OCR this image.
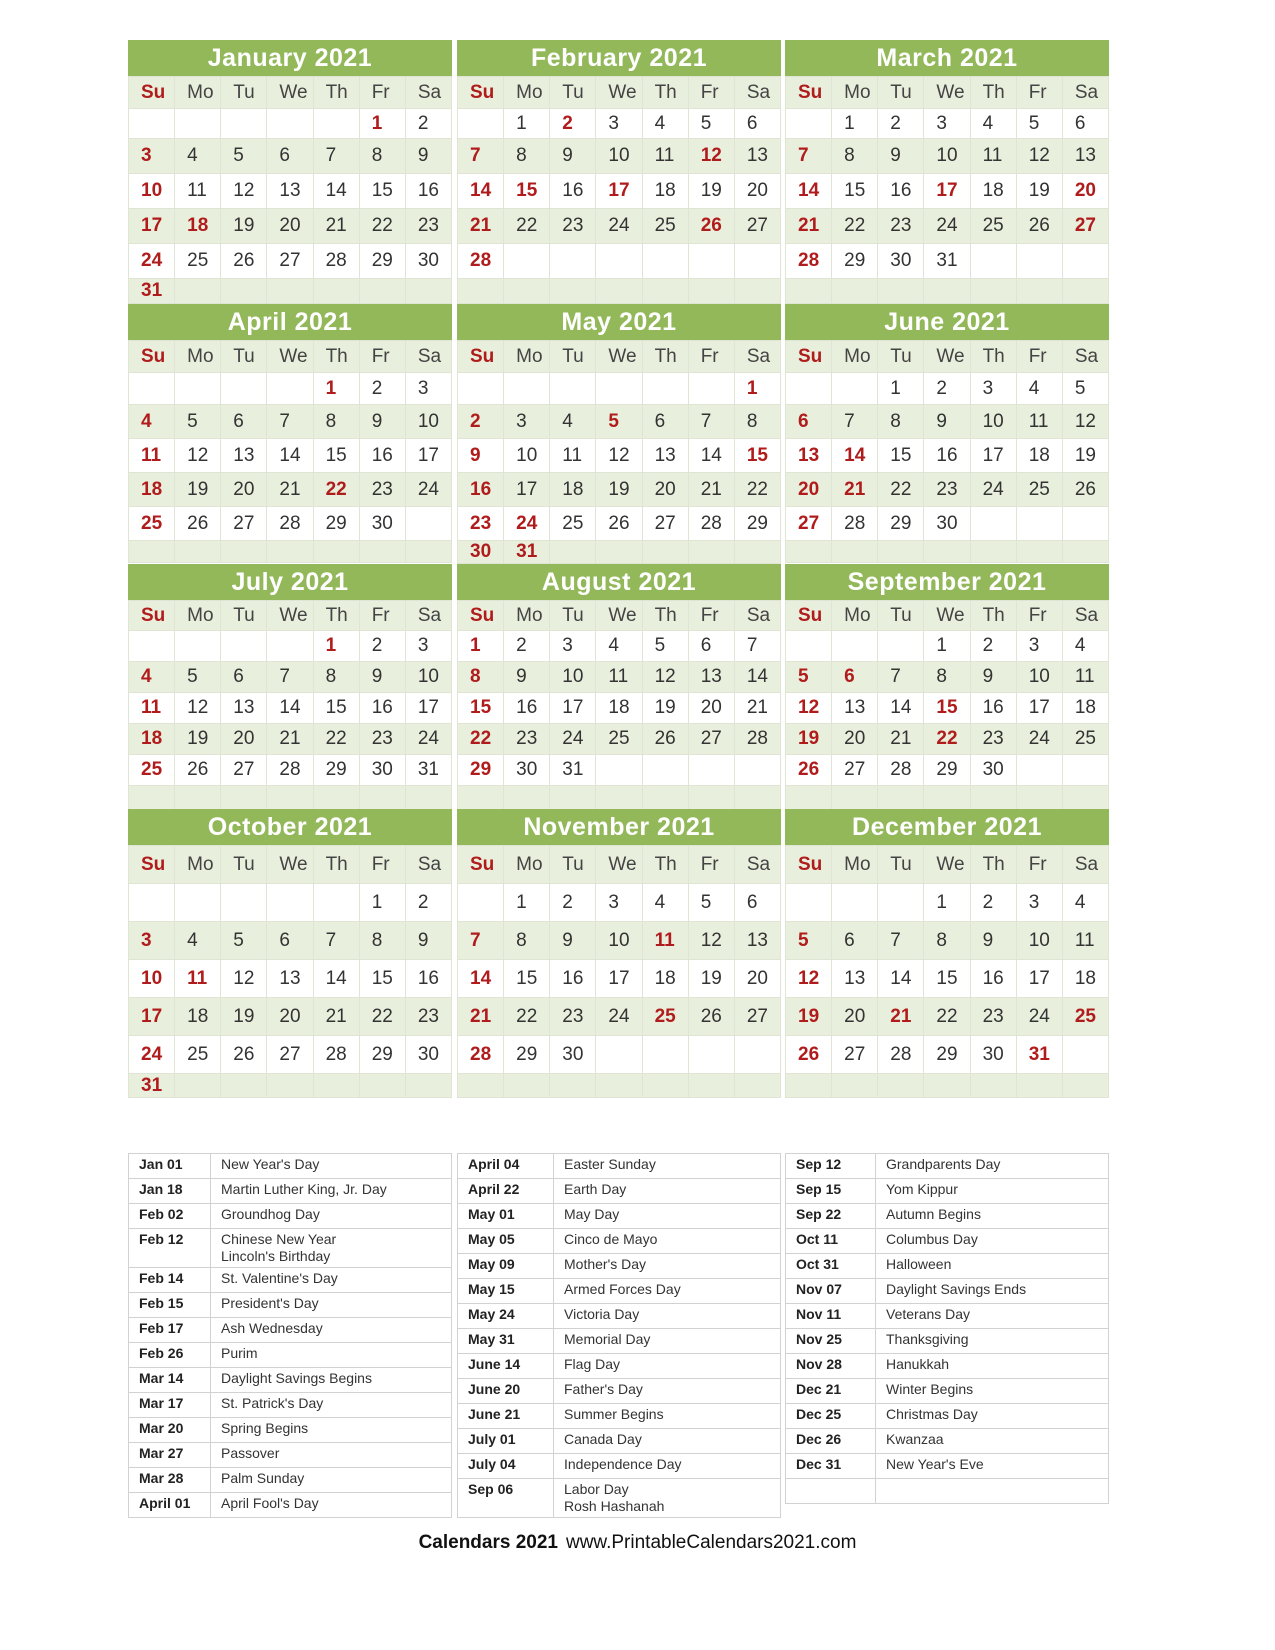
January 2021
Su	Mo	Tu	We	Th	Fr	Sa
					1	2
3	4	5	6	7	8	9
10	11	12	13	14	15	16
17	18	19	20	21	22	23
24	25	26	27	28	29	30
31						
February 2021
Su	Mo	Tu	We	Th	Fr	Sa
	1	2	3	4	5	6
7	8	9	10	11	12	13
14	15	16	17	18	19	20
21	22	23	24	25	26	27
28						

March 2021
Su	Mo	Tu	We	Th	Fr	Sa
	1	2	3	4	5	6
7	8	9	10	11	12	13
14	15	16	17	18	19	20
21	22	23	24	25	26	27
28	29	30	31			

April 2021
Su	Mo	Tu	We	Th	Fr	Sa
				1	2	3
4	5	6	7	8	9	10
11	12	13	14	15	16	17
18	19	20	21	22	23	24
25	26	27	28	29	30	

May 2021
Su	Mo	Tu	We	Th	Fr	Sa
						1
2	3	4	5	6	7	8
9	10	11	12	13	14	15
16	17	18	19	20	21	22
23	24	25	26	27	28	29
30	31					
June 2021
Su	Mo	Tu	We	Th	Fr	Sa
		1	2	3	4	5
6	7	8	9	10	11	12
13	14	15	16	17	18	19
20	21	22	23	24	25	26
27	28	29	30			

July 2021
Su	Mo	Tu	We	Th	Fr	Sa
				1	2	3
4	5	6	7	8	9	10
11	12	13	14	15	16	17
18	19	20	21	22	23	24
25	26	27	28	29	30	31

August 2021
Su	Mo	Tu	We	Th	Fr	Sa
1	2	3	4	5	6	7
8	9	10	11	12	13	14
15	16	17	18	19	20	21
22	23	24	25	26	27	28
29	30	31				

September 2021
Su	Mo	Tu	We	Th	Fr	Sa
			1	2	3	4
5	6	7	8	9	10	11
12	13	14	15	16	17	18
19	20	21	22	23	24	25
26	27	28	29	30		

October 2021
Su	Mo	Tu	We	Th	Fr	Sa
					1	2
3	4	5	6	7	8	9
10	11	12	13	14	15	16
17	18	19	20	21	22	23
24	25	26	27	28	29	30
31						
November 2021
Su	Mo	Tu	We	Th	Fr	Sa
	1	2	3	4	5	6
7	8	9	10	11	12	13
14	15	16	17	18	19	20
21	22	23	24	25	26	27
28	29	30				

December 2021
Su	Mo	Tu	We	Th	Fr	Sa
			1	2	3	4
5	6	7	8	9	10	11
12	13	14	15	16	17	18
19	20	21	22	23	24	25
26	27	28	29	30	31	

Jan 01	New Year's Day
Jan 18	Martin Luther King, Jr. Day
Feb 02	Groundhog Day
Feb 12	Chinese New Year
Lincoln's Birthday
Feb 14	St. Valentine's Day
Feb 15	President's Day
Feb 17	Ash Wednesday
Feb 26	Purim
Mar 14	Daylight Savings Begins
Mar 17	St. Patrick's Day
Mar 20	Spring Begins
Mar 27	Passover
Mar 28	Palm Sunday
April 01	April Fool's Day
April 04	Easter Sunday
April 22	Earth Day
May 01	May Day
May 05	Cinco de Mayo
May 09	Mother's Day
May 15	Armed Forces Day
May 24	Victoria Day
May 31	Memorial Day
June 14	Flag Day
June 20	Father's Day
June 21	Summer Begins
July 01	Canada Day
July 04	Independence Day
Sep 06	Labor Day
Rosh Hashanah
Sep 12	Grandparents Day
Sep 15	Yom Kippur
Sep 22	Autumn Begins
Oct 11	Columbus Day
Oct 31	Halloween
Nov 07	Daylight Savings Ends
Nov 11	Veterans Day
Nov 25	Thanksgiving
Nov 28	Hanukkah
Dec 21	Winter Begins
Dec 25	Christmas Day
Dec 26	Kwanzaa
Dec 31	New Year's Eve

Calendars 2021 www.PrintableCalendars2021.com
